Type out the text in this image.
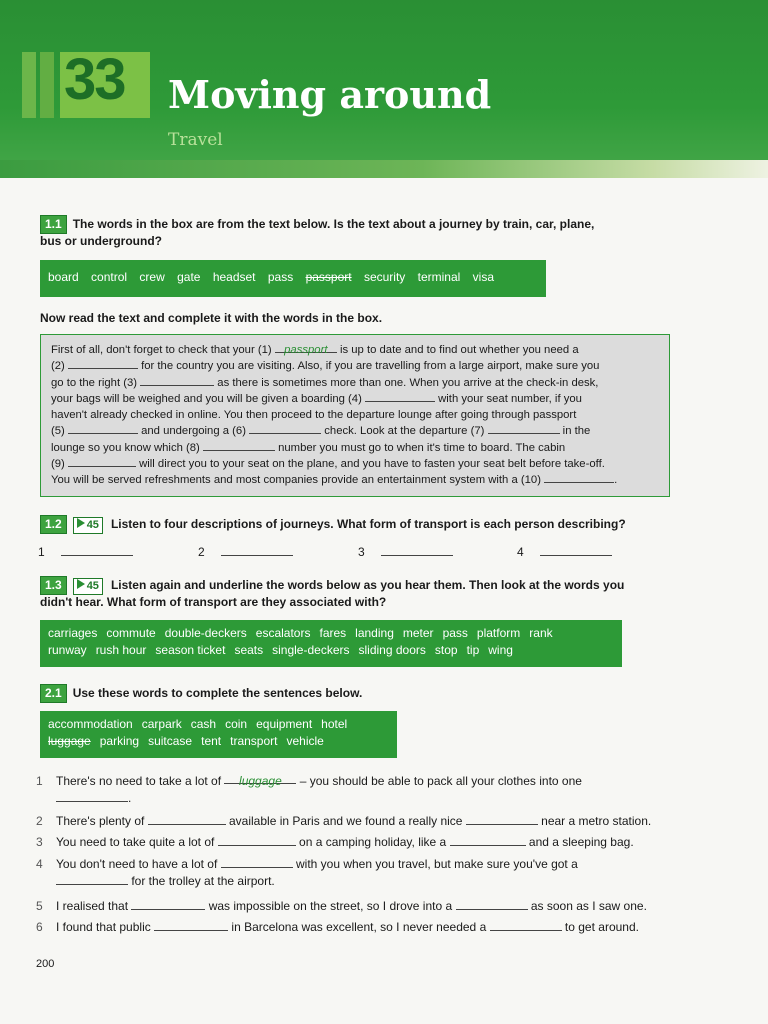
33 Moving around
Travel
1.1 The words in the box are from the text below. Is the text about a journey by train, car, plane,
bus or underground?
board control crew gate headset pass passport security terminal visa
Now read the text and complete it with the words in the box.
First of all, don't forget to check that your (1) passport is up to date and to find out whether you need a
(2)	for the country you are visiting. Also, if you are travelling from a large airport, make sure you
go to the right (3)	as there is sometimes more than one. When you arrive at the check-in desk,
your bags will be weighed and you will be given a boarding (4)	with your seat number, if you
haven't already checked in online. You then proceed to the departure lounge after going through passport
(5)	and undergoing a (6)	check. Look at the departure (7)	in the
lounge so you know which (8)	number you must go to when it's time to board. The cabin
(9)	will direct you to your seat on the plane, and you have to fasten your seat belt before take-off.
You will be served refreshments and most companies provide an entertainment system with a (10)	.
1.2 45 Listen to four descriptions of journeys. What form of transport is each person describing?
1	2	3	4
1.3 45 Listen again and underline the words below as you hear them. Then look at the words you
didn't hear. What form of transport are they associated with?
carriages commute double-deckers escalators fares landing meter pass platform rank
runway rush hour season ticket seats single-deckers sliding doors stop tip wing
2.1 Use these words to complete the sentences below.
accommodation carpark cash coin equipment hotel
luggage parking suitcase tent transport vehicle
1 There's no need to take a lot of luggage – you should be able to pack all your clothes into one
.
2 There's plenty of	available in Paris and we found a really nice	near a metro station.
3 You need to take quite a lot of	on a camping holiday, like a	and a sleeping bag.
4 You don't need to have a lot of	with you when you travel, but make sure you've got a
for the trolley at the airport.
5 I realised that	was impossible on the street, so I drove into a	as soon as I saw one.
6 I found that public	in Barcelona was excellent, so I never needed a	to get around.
200
